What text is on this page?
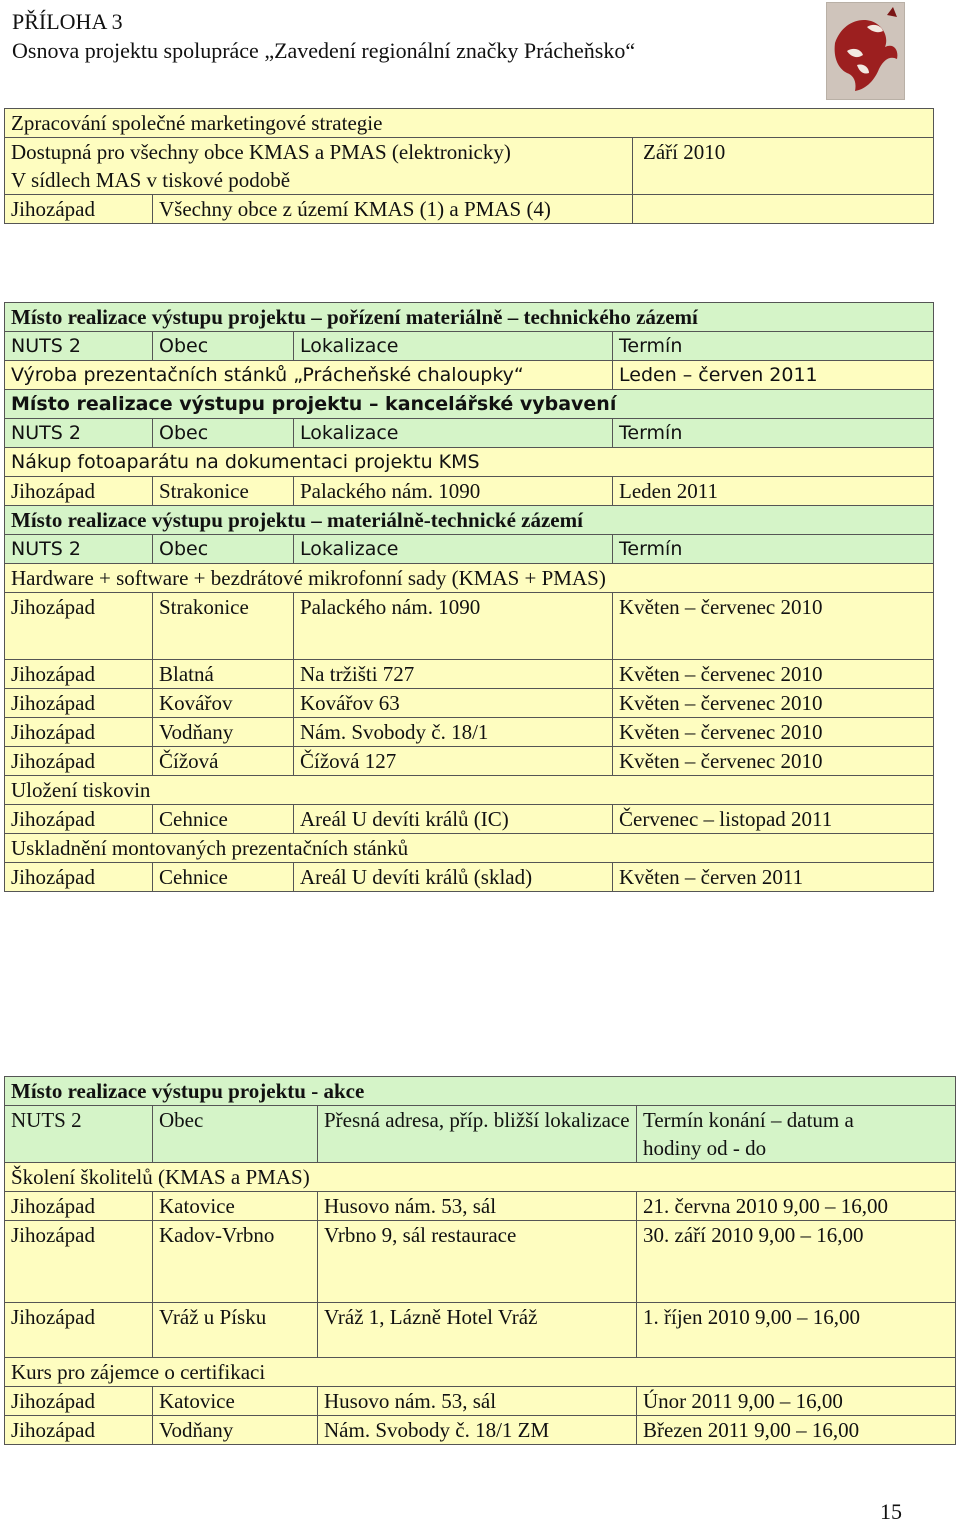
PŘÍLOHA 3
Osnova projektu spolupráce „Zavedení regionální značky Prácheňsko“
Zpracování společné marketingové strategie		
Dostupná pro všechny obce KMAS a PMAS (elektronicky)		Září 2010
V sídlech MAS v tiskové podobě		
Jihozápad	Všechny obce z území KMAS (1) a PMAS (4)	
Místo realizace výstupu projektu – pořízení materiálně – technického zázemí			
NUTS 2	Obec	Lokalizace	Termín
Výroba prezentačních stánků „Prácheňské chaloupky“			Leden – červen 2011
Místo realizace výstupu projektu – kancelářské vybavení			
NUTS 2	Obec	Lokalizace	Termín
Nákup fotoaparátu na dokumentaci projektu KMS			
Jihozápad	Strakonice	Palackého nám. 1090	Leden 2011
Místo realizace výstupu projektu – materiálně-technické zázemí			
NUTS 2	Obec	Lokalizace	Termín
Hardware + software + bezdrátové mikrofonní sady (KMAS + PMAS)			
Jihozápad	Strakonice	Palackého nám. 1090	Květen – červenec 2010
Jihozápad	Blatná	Na tržišti 727	Květen – červenec 2010
Jihozápad	Kovářov	Kovářov 63	Květen – červenec 2010
Jihozápad	Vodňany	Nám. Svobody č. 18/1	Květen – červenec 2010
Jihozápad	Čížová	Čížová 127	Květen – červenec 2010
Uložení tiskovin			
Jihozápad	Cehnice	Areál U devíti králů (IC)	Červenec – listopad 2011
Uskladnění montovaných prezentačních stánků			
Jihozápad	Cehnice	Areál U devíti králů (sklad)	Květen – červen 2011
Místo realizace výstupu projektu - akce			
NUTS 2	Obec	Přesná adresa, příp. bližší lokalizace	Termín konání – datum a hodiny od - do
Školení školitelů (KMAS a PMAS)			
Jihozápad	Katovice	Husovo nám. 53, sál	21. června 2010 9,00 – 16,00
Jihozápad	Kadov-Vrbno	Vrbno 9, sál restaurace	30. září 2010 9,00 – 16,00
Jihozápad	Vráž u Písku	Vráž 1, Lázně Hotel Vráž	1. říjen 2010 9,00 – 16,00
Kurs pro zájemce o certifikaci			
Jihozápad	Katovice	Husovo nám. 53, sál	Únor 2011 9,00 – 16,00
Jihozápad	Vodňany	Nám. Svobody č. 18/1 ZM	Březen 2011 9,00 – 16,00
15
